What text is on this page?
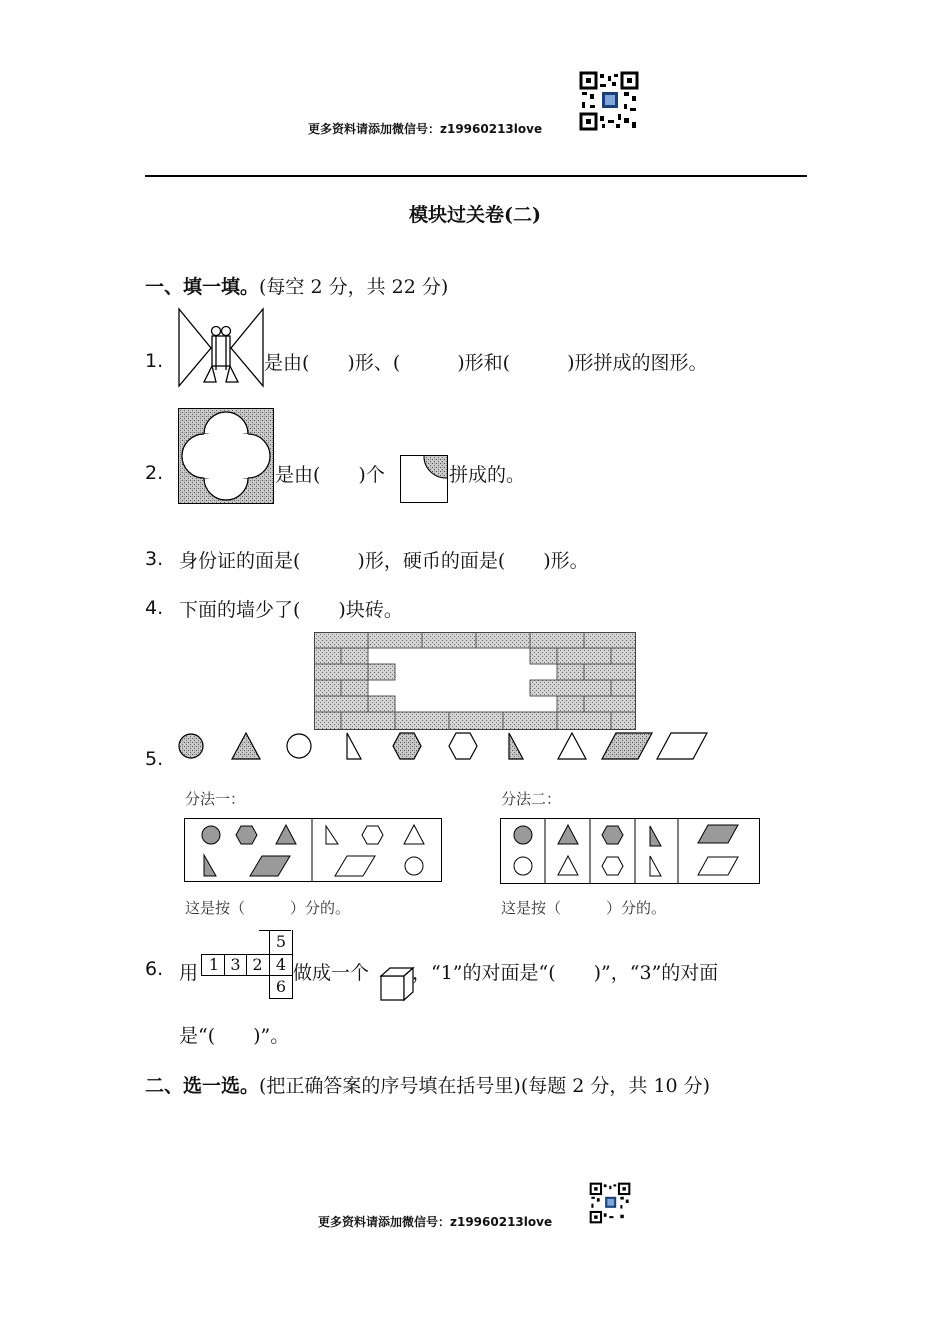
更多资料请添加微信号：z19960213love
模块过关卷(二)
一、填一填。(每空 2 分，共 22 分)
1.	是由(　　)形、(　　　)形和(　　　)形拼成的图形。
2.	是由(　　)个	拼成的。
3. 身份证的面是(　　　)形，硬币的面是(　　)形。
4. 下面的墙少了(　　)块砖。
5.
分法一：	分法二：
这是按（　　　）分的。	这是按（　　　）分的。
6. 用 1 3 2 4
5
6
做成一个 ，“1”的对面是“(　　)”，“3”的对面
是“(　　)”。
二、选一选。(把正确答案的序号填在括号里)(每题 2 分，共 10 分)
更多资料请添加微信号：z19960213love
